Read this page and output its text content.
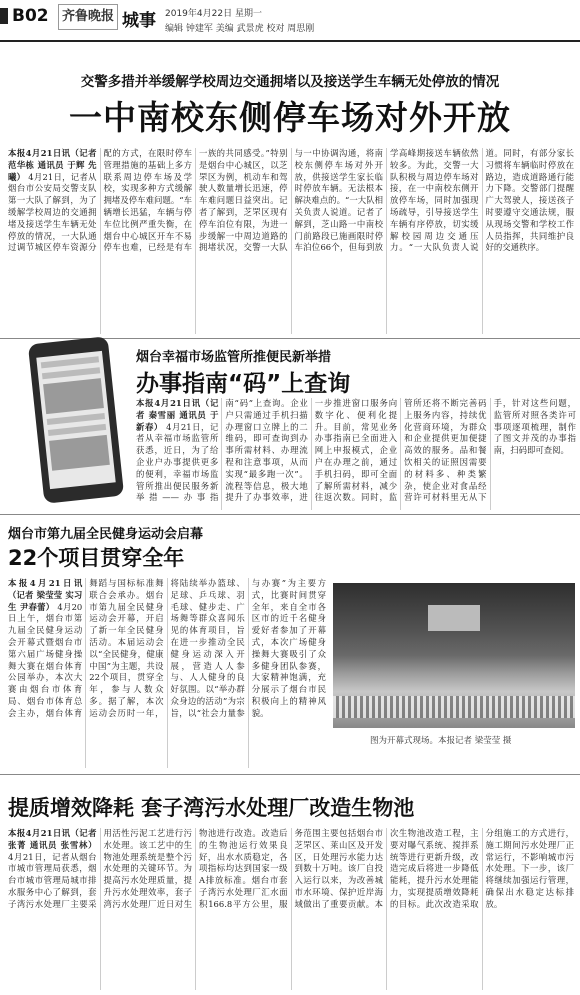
B02	齐鲁晚报 城事 2019年4月22日 星期一
编辑 钟建军 美编 武景虎 校对 周思刚
交警多措并举缓解学校周边交通拥堵以及接送学生车辆无处停放的情况
一中南校东侧停车场对外开放
本报4月21日讯（记者 范华栋 通讯员 于辉 先曦） 4月21日，记者从烟台市公安局交警支队第一大队了解到，为了缓解学校周边的交通拥堵及接送学生车辆无处停放的情况，一大队通过调节城区停车资源分配的方式，在限时停车管理措施的基础上多方联系周边停车场及学校，实现多种方式缓解拥堵及停车难问题。“车辆增长迅猛，车辆与停车位比例严重失衡，在烟台中心城区开车不易停车也难，已经是有车一族的共同感受。”特别是烟台中心城区，以芝罘区为例，机动车和驾驶人数量增长迅速，停车难问题日益突出。记者了解到，芝罘区现有停车泊位有限，为进一步缓解一中周边道路的拥堵状况，交警一大队与一中协调沟通，将南校东侧停车场对外开放，供接送学生家长临时停放车辆。无法根本解决难点的。“一大队相关负责人说道。记者了解到，芝山路一中南校门前路段已施画限时停车泊位66个，但每到放学高峰期接送车辆依然较多。为此，交警一大队积极与周边停车场对接，在一中南校东侧开放停车场，同时加强现场疏导，引导接送学生车辆有序停放，切实缓解校园周边交通压力。“一大队负责人说道。同时，有部分家长习惯将车辆临时停放在路边，造成道路通行能力下降。交警部门提醒广大驾驶人，接送孩子时要遵守交通法规，服从现场交警和学校工作人员指挥，共同维护良好的交通秩序。
烟台幸福市场监管所推便民新举措
办事指南“码”上查询
本报4月21日讯（记者 秦雪丽 通讯员 于新春） 4月21日，记者从幸福市场监管所获悉，近日，为了给企业户办事提供更多的便利，幸福市场监管所推出便民服务新举措——办事指南“码”上查询。企业户只需通过手机扫描办理窗口立牌上的二维码，即可查询到办事所需材料、办理流程和注意事项，从而实现“最多跑一次”。流程等信息，极大地提升了办事效率，进一步推进窗口服务向数字化、便利化提升。目前，常见业务办事指南已全面进入网上申报模式，企业户在办理之前，通过手机扫码，即可全面了解所需材料，减少往返次数。同时，监管所还将不断完善码上服务内容，持续优化营商环境，为群众和企业提供更加便捷高效的服务。品和餐饮相关的证照因需要的材料多、种类繁杂，使企业对食品经营许可材料里无从下手，针对这些问题，监管所对照各类许可事项逐项梳理，制作了图文并茂的办事指南，扫码即可查阅。
烟台市第九届全民健身运动会启幕
22个项目贯穿全年
本报4月21日讯（记者 梁莹莹 实习生 尹春蕾） 4月20日上午，烟台市第九届全民健身运动会开幕式暨烟台市第六届广场健身操舞大赛在烟台体育公园举办，本次大赛由烟台市体育局、烟台市体育总会主办，烟台体育舞蹈与国标标准舞联合会承办。烟台市第九届全民健身运动会开幕，开启了新一年全民健身活动。本届运动会以“全民健身，健康中国”为主题，共设22个项目，贯穿全年，参与人数众多。据了解，本次运动会历时一年，将陆续举办篮球、足球、乒乓球、羽毛球、健步走、广场舞等群众喜闻乐见的体育项目，旨在进一步推动全民健身运动深入开展，营造人人参与、人人健身的良好氛围。以“举办群众身边的活动”为宗旨，以“社会力量参与办赛”为主要方式，比赛时间贯穿全年，来自全市各区市的近千名健身爱好者参加了开幕式，本次广场健身操舞大赛吸引了众多健身团队参赛，大家精神饱满，充分展示了烟台市民积极向上的精神风貌。
图为开幕式现场。本报记者 梁莹莹 摄
提质增效降耗 套子湾污水处理厂改造生物池
本报4月21日讯（记者 张菁 通讯员 张雪林） 4月21日，记者从烟台市城市管理局获悉，烟台市城市管理局城市排水服务中心了解到，套子湾污水处理厂主要采用活性污泥工艺进行污水处理。该工艺中的生物池处理系统是整个污水处理的关键环节。为提高污水处理质量，提升污水处理效率，套子湾污水处理厂近日对生物池进行改造。改造后的生物池运行效果良好，出水水质稳定，各项指标均达到国家一级A排放标准。烟台市套子湾污水处理厂汇水面积166.8平方公里，服务范围主要包括烟台市芝罘区、莱山区及开发区，日处理污水能力达到数十万吨。该厂自投入运行以来，为改善城市水环境、保护近岸海域做出了重要贡献。本次生物池改造工程，主要对曝气系统、搅拌系统等进行更新升级，改造完成后将进一步降低能耗，提升污水处理能力，实现提质增效降耗的目标。此次改造采取分组施工的方式进行，施工期间污水处理厂正常运行，不影响城市污水处理。下一步，该厂将继续加强运行管理，确保出水稳定达标排放。
